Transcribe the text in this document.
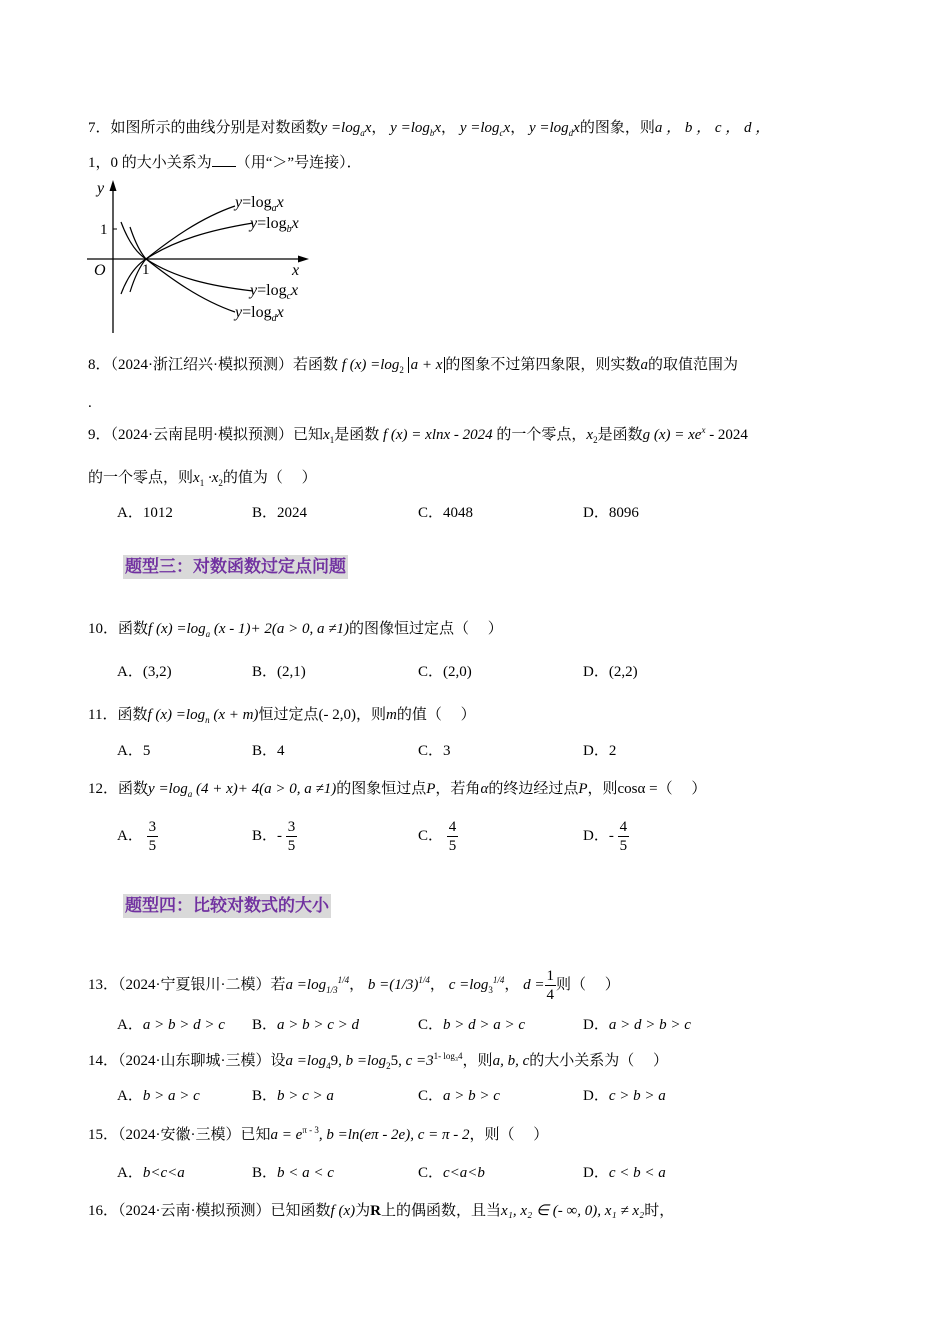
7．如图所示的曲线分别是对数函数$y =\log_ax$， $y =\log_bx$， $y =\log_cx$， $y =\log_dx$的图象，则a ， b ， c ， d ，
1，0 的大小关系为 （用“＞”号连接）．
y
x
O
1
1
$y=\log_ax$
$y=\log_bx$
$y=\log_cx$
$y=\log_dx$
8．（2024·浙江绍兴·模拟预测）若函数 f $(x) =\log_2$ a + x 的图象不过第四象限，则实数a的取值范围为
.
9．（2024·云南昆明·模拟预测）已知$x_1$是函数 f (x) = xlnx - 2024 的一个零点，$x_2$是函数g $(x) = xe^x - 2024$
的一个零点，则$x_1 \cdot x_2$的值为（　 ）
A．1012	B．2024	C．4048	D．8096
题型三：对数函数过定点问题
10．函数f $(x) =\log_a$ (x - 1)+ 2(a > 0, a ≠1)的图像恒过定点（　 ）
A．(3,2)	B．(2,1)	C．(2,0)	D．(2,2)
11．函数f $(x) =\log_n$ (x + m)恒过定点(- 2,0)，则m的值（　 ）
A．5	B．4	C．3	D．2
12．函数$y =\log_a$ (4 + x)+ 4(a > 0, a ≠1)的图象恒过点P，若角α的终边经过点P，则cosα =（　 ）
A． $\frac{3}{5}$	B．- $\frac{3}{5}$	C． $\frac{4}{5}$	D．- $\frac{4}{5}$
题型四：比较对数式的大小
13．（2024·宁夏银川·二模）若$a =\log_{1/3}^{1/4}$， $b =(1/3)^{1/4}$， $c =\log_3^{1/4}$， $d = \frac{1}{4}$ 则（　 ）
A．a > b > d > c B．a > b > c > d	C．b > d > a > c	D．a > d > b > c
14．（2024·山东聊城·三模）设$a =\log_49$, $b =\log_25$, $c =3^{1- log_34}$，则a, b, c的大小关系为（　 ）
A．b > a > c	B．b > c > a	C．a > b > c	D．c > b > a
15．（2024·安徽·三模）已知$a = e^{\pi - 3}$, b =ln(eπ - 2e), c = π - 2，则（　 ）
A．b<c<a	B．b < a < c	C．c<a<b	D．c < b < a
16．（2024·云南·模拟预测）已知函数f (x)为R上的偶函数，且当x₁, x₂ ∈ (- ∞, 0), x₁ ≠ x₂时，
